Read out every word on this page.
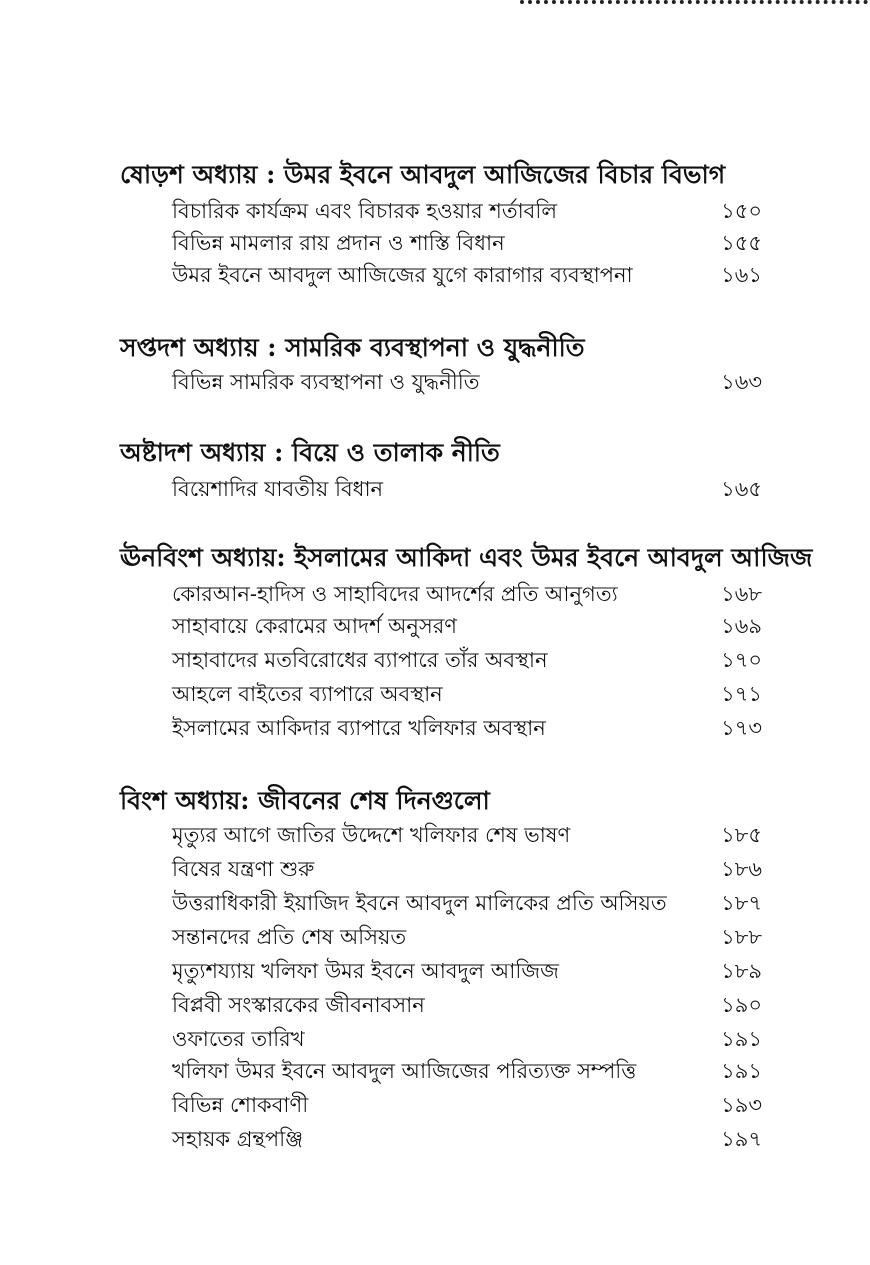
ষোড়শ অধ্যায় : উমর ইবনে আবদুল আজিজের বিচার বিভাগ
বিচারিক কার্যক্রম এবং বিচারক হওয়ার শর্তাবলি	১৫০
বিভিন্ন মামলার রায় প্রদান ও শাস্তি বিধান	১৫৫
উমর ইবনে আবদুল আজিজের যুগে কারাগার ব্যবস্থাপনা	১৬১
সপ্তদশ অধ্যায় : সামরিক ব্যবস্থাপনা ও যুদ্ধনীতি
বিভিন্ন সামরিক ব্যবস্থাপনা ও যুদ্ধনীতি	১৬৩
অষ্টাদশ অধ্যায় : বিয়ে ও তালাক নীতি
বিয়েশাদির যাবতীয় বিধান	১৬৫
ঊনবিংশ অধ্যায়: ইসলামের আকিদা এবং উমর ইবনে আবদুল আজিজ
কোরআন-হাদিস ও সাহাবিদের আদর্শের প্রতি আনুগত্য	১৬৮
সাহাবায়ে কেরামের আদর্শ অনুসরণ	১৬৯
সাহাবাদের মতবিরোধের ব্যাপারে তাঁর অবস্থান	১৭০
আহলে বাইতের ব্যাপারে অবস্থান	১৭১
ইসলামের আকিদার ব্যাপারে খলিফার অবস্থান	১৭৩
বিংশ অধ্যায়: জীবনের শেষ দিনগুলো
মৃত্যুর আগে জাতির উদ্দেশে খলিফার শেষ ভাষণ	১৮৫
বিষের যন্ত্রণা শুরু	১৮৬
উত্তরাধিকারী ইয়াজিদ ইবনে আবদুল মালিকের প্রতি অসিয়ত	১৮৭
সন্তানদের প্রতি শেষ অসিয়ত	১৮৮
মৃত্যুশয্যায় খলিফা উমর ইবনে আবদুল আজিজ	১৮৯
বিপ্লবী সংস্কারকের জীবনাবসান	১৯০
ওফাতের তারিখ	১৯১
খলিফা উমর ইবনে আবদুল আজিজের পরিত্যক্ত সম্পত্তি	১৯১
বিভিন্ন শোকবাণী	১৯৩
সহায়ক গ্রন্থপঞ্জি	১৯৭
